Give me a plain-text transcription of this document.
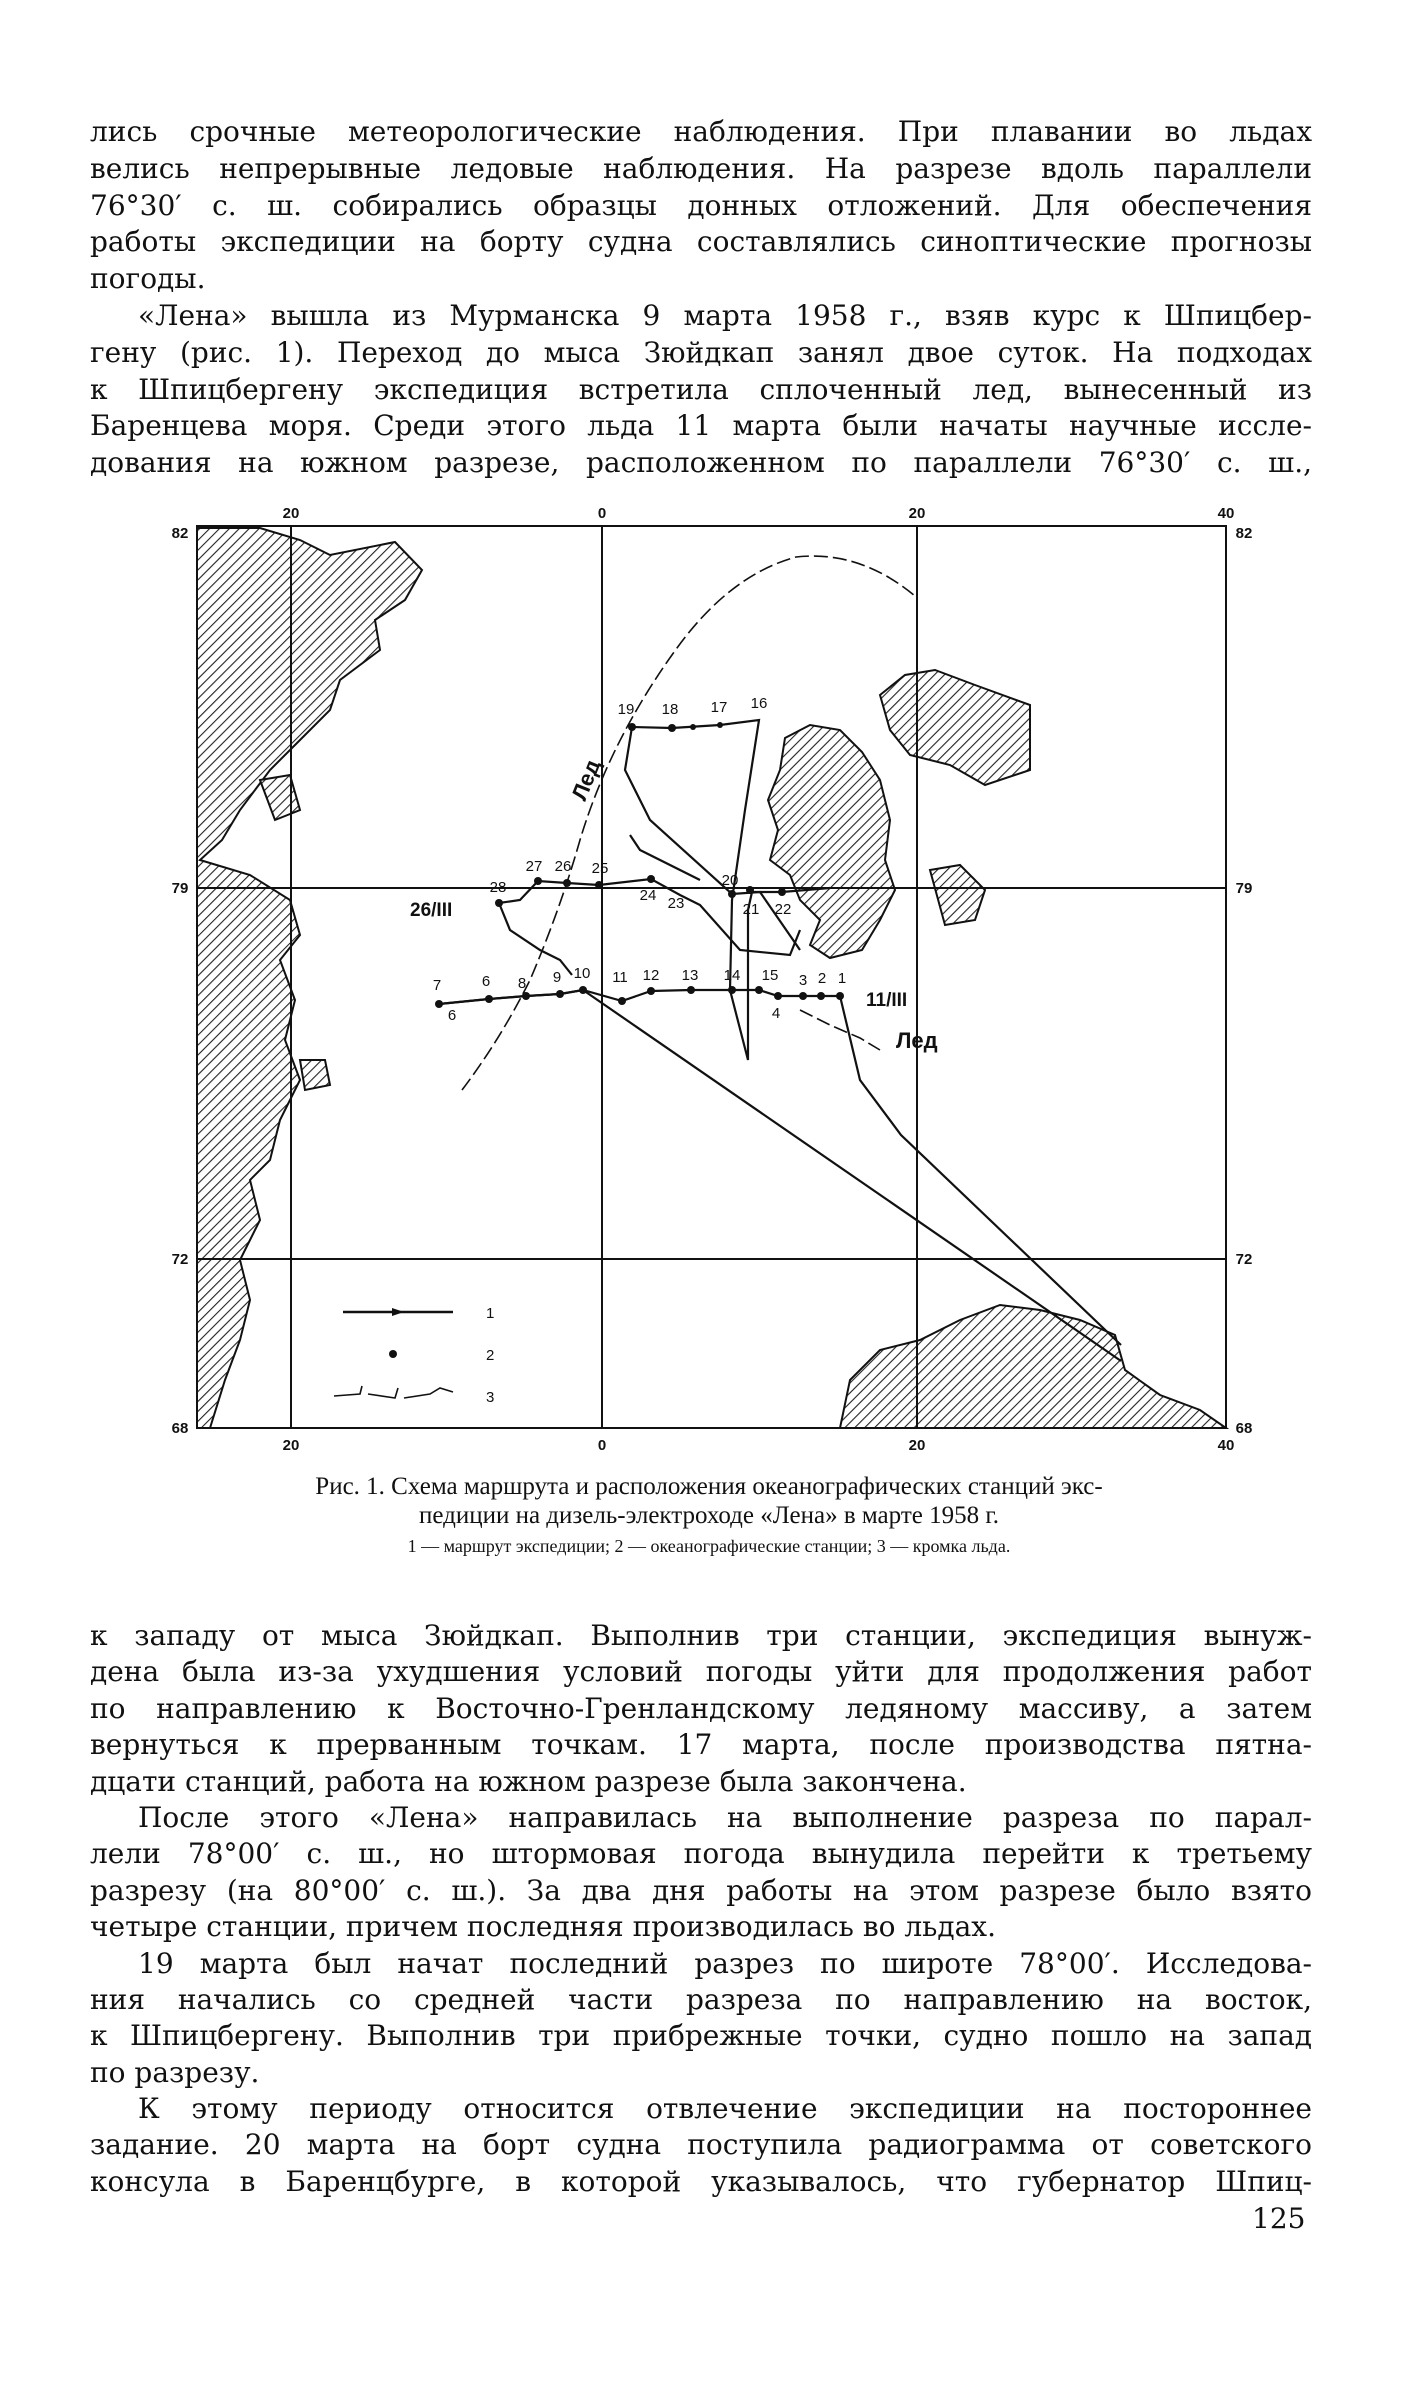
лись срочные метеорологические наблюдения. При плавании во льдах
велись непрерывные ледовые наблюдения. На разрезе вдоль параллели
76°30′ с. ш. собирались образцы донных отложений. Для обеспечения
работы экспедиции на борту судна составлялись синоптические прогнозы
погоды.
«Лена» вышла из Мурманска 9 марта 1958 г., взяв курс к Шпицбер-
гену (рис. 1). Переход до мыса Зюйдкап занял двое суток. На подходах
к Шпицбергену экспедиция встретила сплоченный лед, вынесенный из
Баренцева моря. Среди этого льда 11 марта были начаты научные иссле-
дования на южном разрезе, расположенном по параллели 76°30′ с. ш.,
20	0	20	40
20	0	20	40
82
79
72
68
82
79
72
68
19 18 17 16
28
27 26 25
24 23
20
21 22
7	6 8 9 10 11 12 13 14 15
4
3 2 1
6
26/III
11/III
Лед
Лед
1
2
3
Рис. 1. Схема маршрута и расположения океанографических станций экс-
педиции на дизель-электроходе «Лена» в марте 1958 г.
1 — маршрут экспедиции; 2 — океанографические станции; 3 — кромка льда.
к западу от мыса Зюйдкап. Выполнив три станции, экспедиция вынуж-
дена была из-за ухудшения условий погоды уйти для продолжения работ
по направлению к Восточно-Гренландскому ледяному массиву, а затем
вернуться к прерванным точкам. 17 марта, после производства пятна-
дцати станций, работа на южном разрезе была закончена.
После этого «Лена» направилась на выполнение разреза по парал-
лели 78°00′ с. ш., но штормовая погода вынудила перейти к третьему
разрезу (на 80°00′ с. ш.). За два дня работы на этом разрезе было взято
четыре станции, причем последняя производилась во льдах.
19 марта был начат последний разрез по широте 78°00′. Исследова-
ния начались со средней части разреза по направлению на восток,
к Шпицбергену. Выполнив три прибрежные точки, судно пошло на запад
по разрезу.
К этому периоду относится отвлечение экспедиции на постороннее
задание. 20 марта на борт судна поступила радиограмма от советского
консула в Баренцбурге, в которой указывалось, что губернатор Шпиц-
125
